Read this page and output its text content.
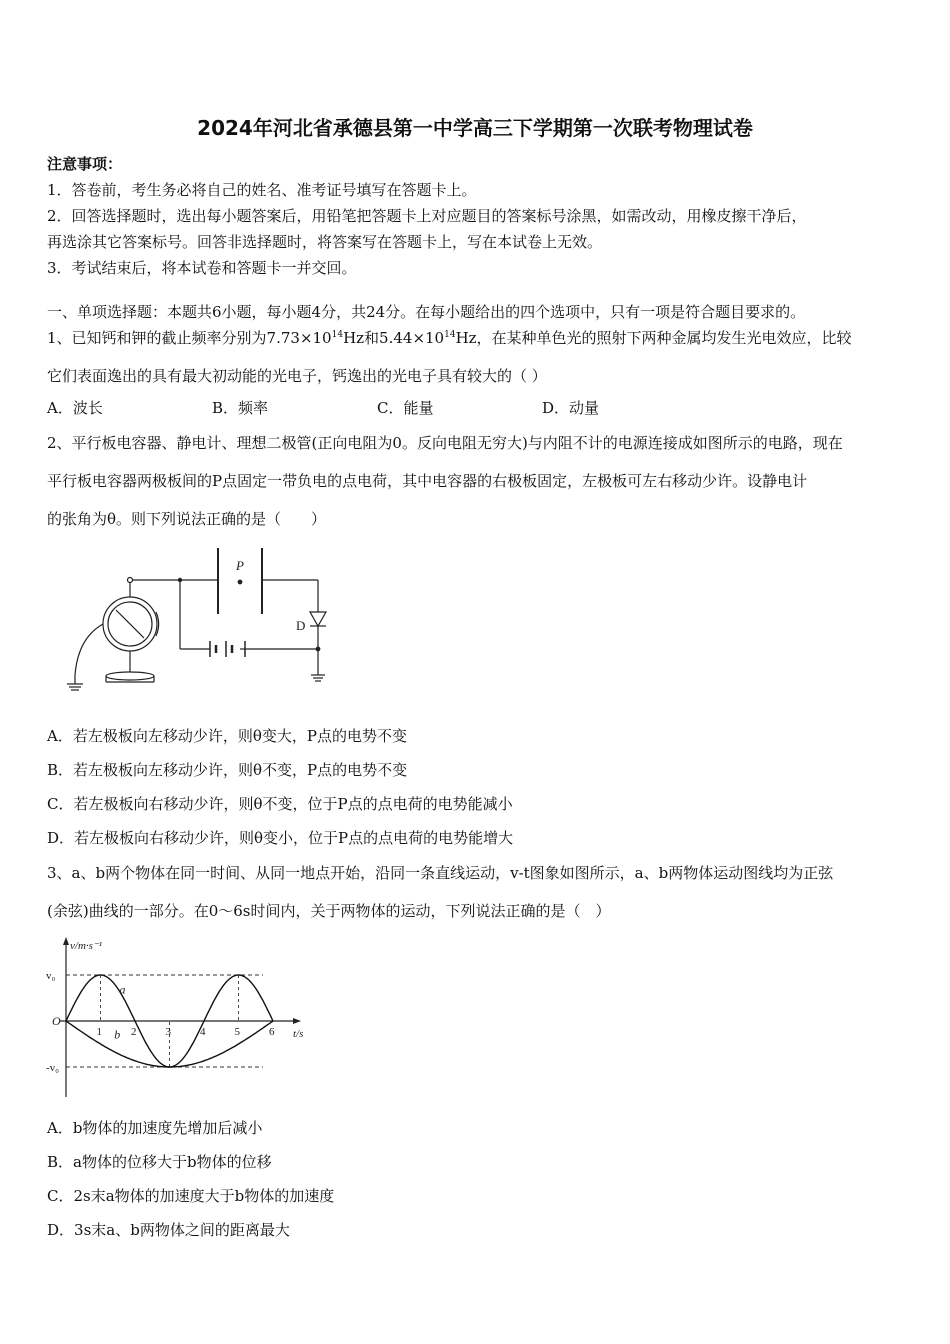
2024年河北省承德县第一中学高三下学期第一次联考物理试卷
注意事项：
1．答卷前，考生务必将自己的姓名、准考证号填写在答题卡上。
2．回答选择题时，选出每小题答案后，用铅笔把答题卡上对应题目的答案标号涂黑，如需改动，用橡皮擦干净后，
再选涂其它答案标号。回答非选择题时，将答案写在答题卡上，写在本试卷上无效。
3．考试结束后，将本试卷和答题卡一并交回。
一、单项选择题：本题共6小题，每小题4分，共24分。在每小题给出的四个选项中，只有一项是符合题目要求的。
1、已知钙和钾的截止频率分别为$7.73\times 10^{14}Hz$和$5.44\times 10^{14}Hz$，在某种单色光的照射下两种金属均发生光电效应，比较
它们表面逸出的具有最大初动能的光电子，钙逸出的光电子具有较大的（ ）
A．波长	B．频率	C．能量	D．动量
2、平行板电容器、静电计、理想二极管(正向电阻为0。反向电阻无穷大)与内阻不计的电源连接成如图所示的电路，现在
平行板电容器两极板间的P点固定一带负电的点电荷，其中电容器的右极板固定，左极板可左右移动少许。设静电计
的张角为θ。则下列说法正确的是（　　）
P
D
A．若左极板向左移动少许，则θ变大，P点的电势不变
B．若左极板向左移动少许，则θ不变，P点的电势不变
C．若左极板向右移动少许，则θ不变，位于P点的点电荷的电势能减小
D．若左极板向右移动少许，则θ变小，位于P点的点电荷的电势能增大
3、a、b两个物体在同一时间、从同一地点开始，沿同一条直线运动，v-t图象如图所示，a、b两物体运动图线均为正弦
(余弦)曲线的一部分。在0～6s时间内，关于两物体的运动，下列说法正确的是（　）
v/m·s⁻¹
t/s
O
v₀
-v₀
1	2	3	4	5	6
a
b
A．b物体的加速度先增加后减小
B．a物体的位移大于b物体的位移
C．2s末a物体的加速度大于b物体的加速度
D．3s末a、b两物体之间的距离最大
